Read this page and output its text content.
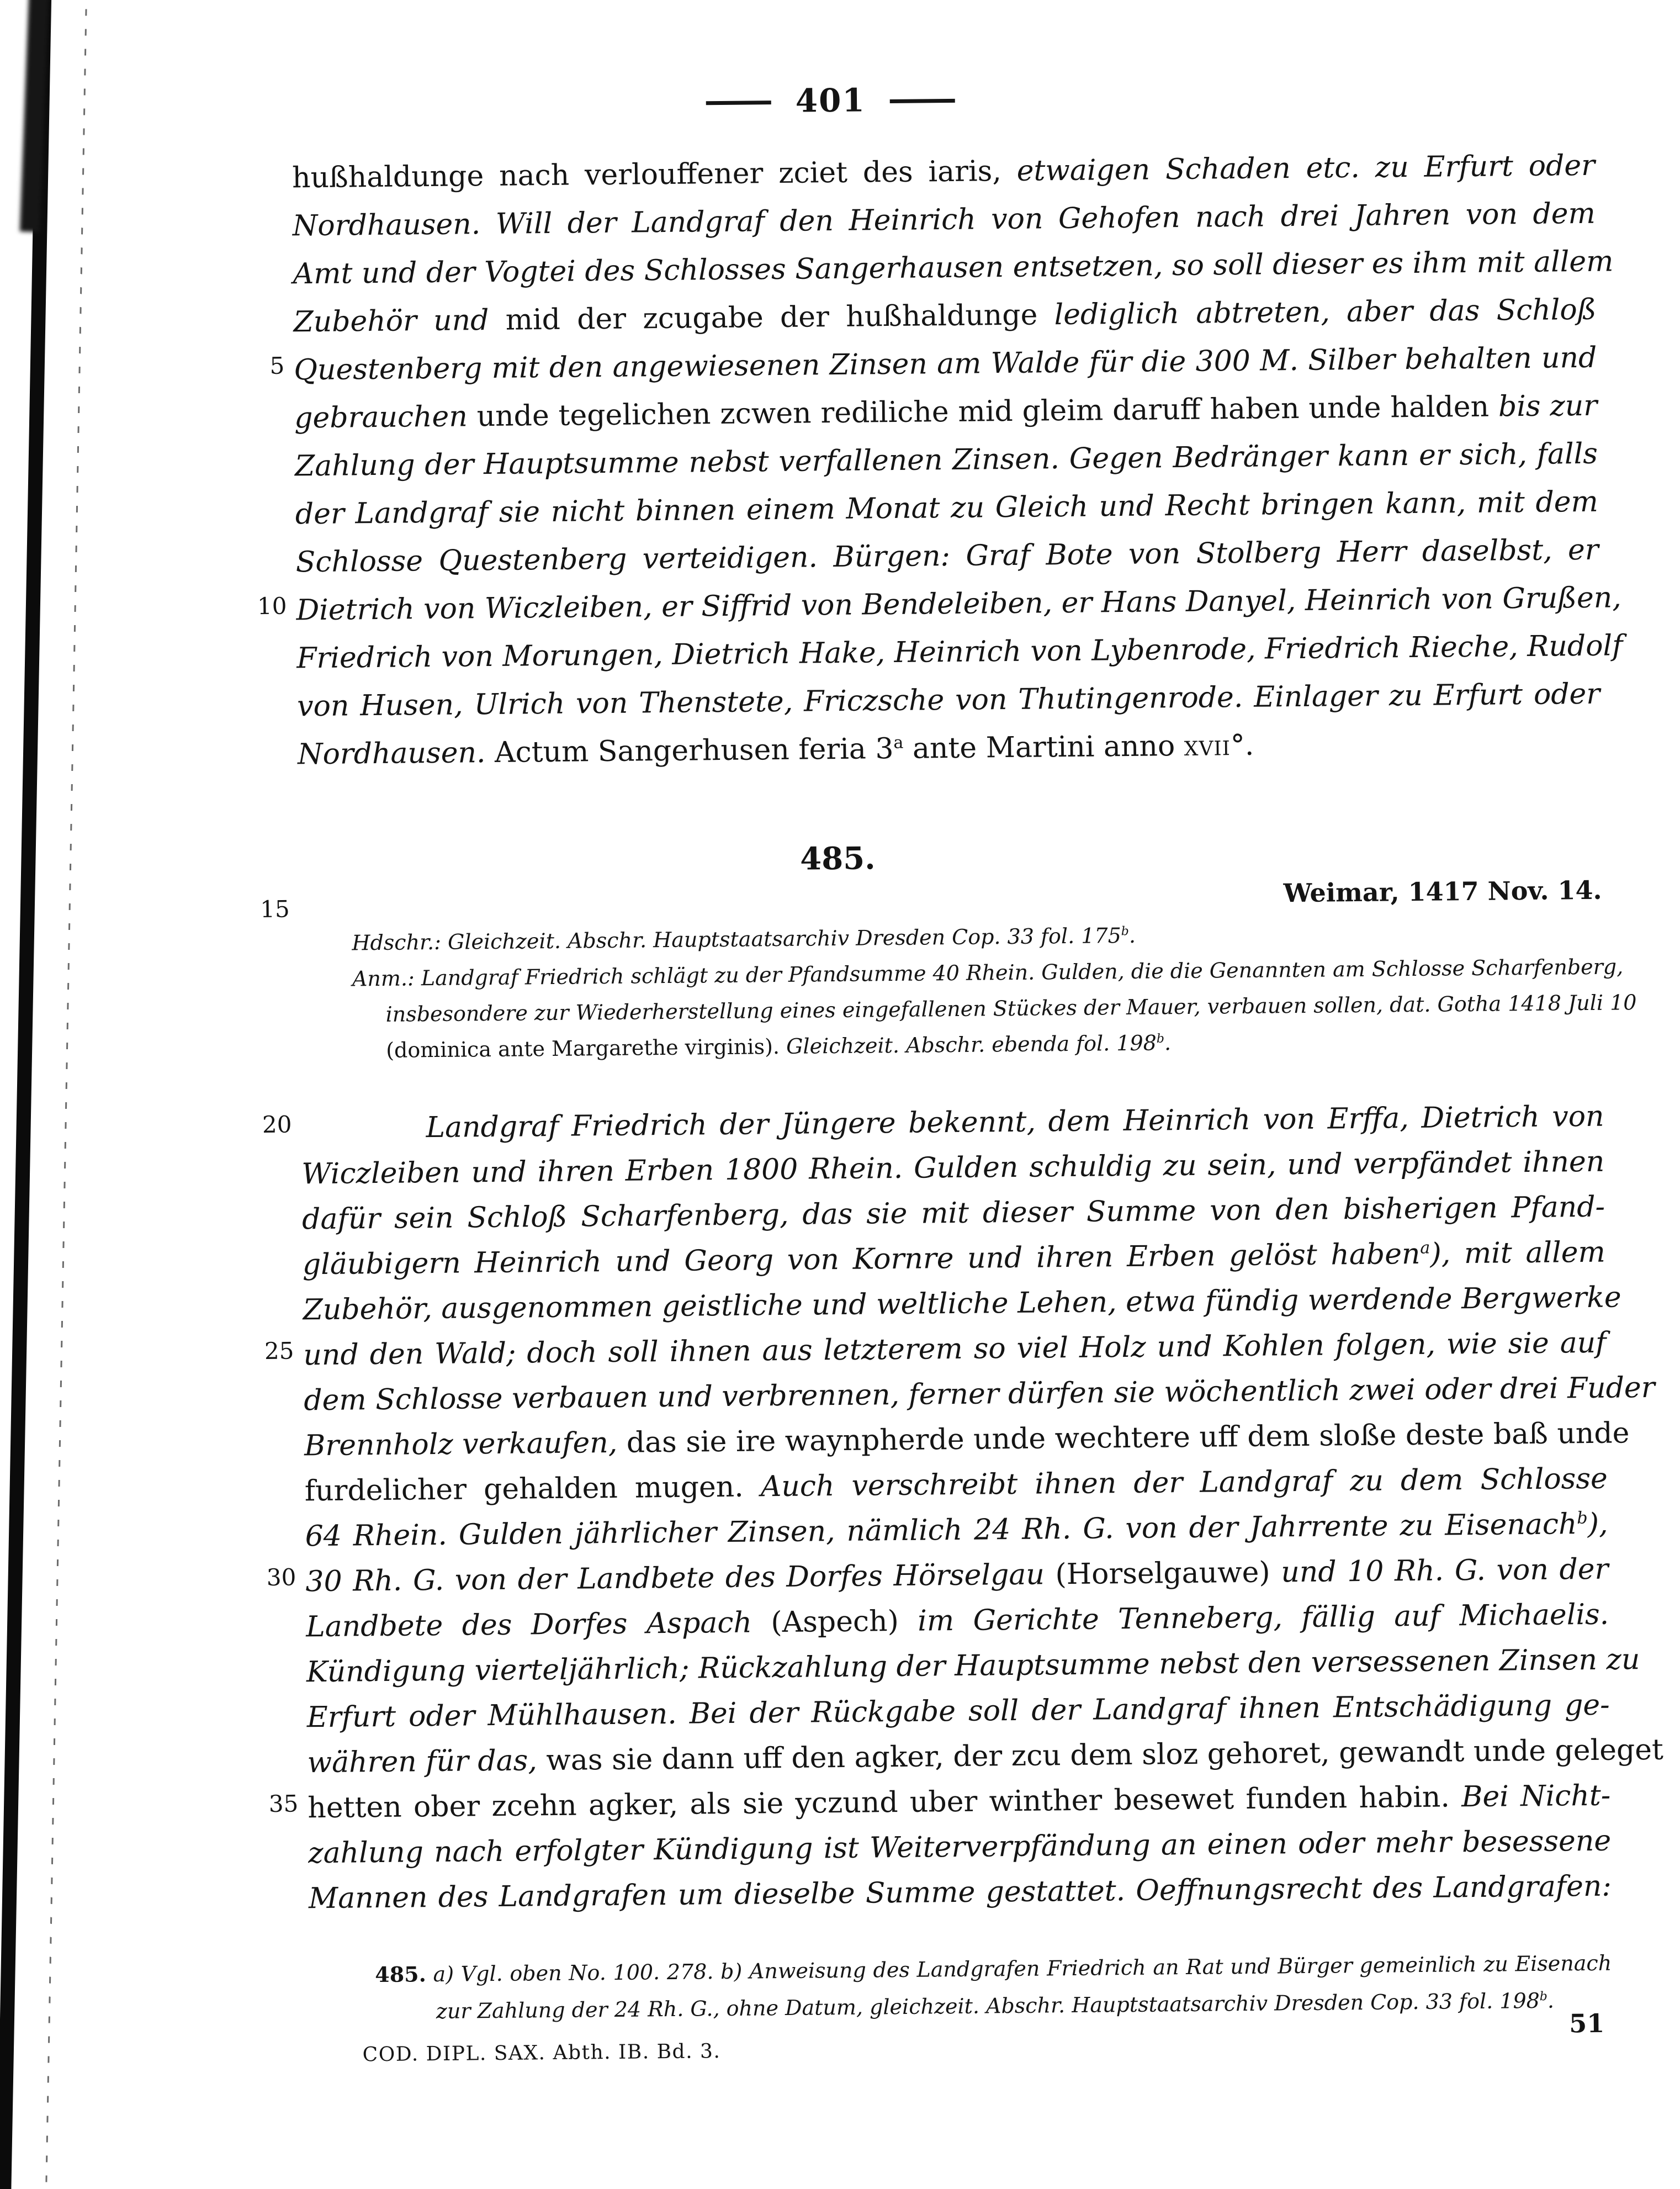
401
hußhaldunge nach verlouffener zciet des iaris, etwaigen Schaden etc. zu Erfurt oder
Nordhausen. Will der Landgraf den Heinrich von Gehofen nach drei Jahren von dem
Amt und der Vogtei des Schlosses Sangerhausen entsetzen, so soll dieser es ihm mit allem
Zubehör und mid der zcugabe der hußhaldunge lediglich abtreten, aber das Schloß
Questenberg mit den angewiesenen Zinsen am Walde für die 300 M. Silber behalten und
gebrauchen unde tegelichen zcwen rediliche mid gleim daruff haben unde halden bis zur
Zahlung der Hauptsumme nebst verfallenen Zinsen. Gegen Bedränger kann er sich, falls
der Landgraf sie nicht binnen einem Monat zu Gleich und Recht bringen kann, mit dem
Schlosse Questenberg verteidigen. Bürgen: Graf Bote von Stolberg Herr daselbst, er
Dietrich von Wiczleiben, er Siffrid von Bendeleiben, er Hans Danyel, Heinrich von Grußen,
Friedrich von Morungen, Dietrich Hake, Heinrich von Lybenrode, Friedrich Rieche, Rudolf
von Husen, Ulrich von Thenstete, Friczsche von Thutingenrode. Einlager zu Erfurt oder
Nordhausen. Actum Sangerhusen feria 3$^a$ ante Martini anno xvii°.
5
10
15
20
25
30
35
485.
Weimar, 1417 Nov. 14.
Hdschr.: Gleichzeit. Abschr. Hauptstaatsarchiv Dresden Cop. 33 fol. 175$^b$.
Anm.: Landgraf Friedrich schlägt zu der Pfandsumme 40 Rhein. Gulden, die die Genannten am Schlosse Scharfenberg,
insbesondere zur Wiederherstellung eines eingefallenen Stückes der Mauer, verbauen sollen, dat. Gotha 1418 Juli 10
(dominica ante Margarethe virginis). Gleichzeit. Abschr. ebenda fol. 198$^b$.
Landgraf Friedrich der Jüngere bekennt, dem Heinrich von Erffa, Dietrich von
Wiczleiben und ihren Erben 1800 Rhein. Gulden schuldig zu sein, und verpfändet ihnen
dafür sein Schloß Scharfenberg, das sie mit dieser Summe von den bisherigen Pfand-
gläubigern Heinrich und Georg von Kornre und ihren Erben gelöst haben$^a$), mit allem
Zubehör, ausgenommen geistliche und weltliche Lehen, etwa fündig werdende Bergwerke
und den Wald; doch soll ihnen aus letzterem so viel Holz und Kohlen folgen, wie sie auf
dem Schlosse verbauen und verbrennen, ferner dürfen sie wöchentlich zwei oder drei Fuder
Brennholz verkaufen, das sie ire waynpherde unde wechtere uff dem sloße deste baß unde
furdelicher gehalden mugen. Auch verschreibt ihnen der Landgraf zu dem Schlosse
64 Rhein. Gulden jährlicher Zinsen, nämlich 24 Rh. G. von der Jahrrente zu Eisenach$^b$),
30 Rh. G. von der Landbete des Dorfes Hörselgau (Horselgauwe) und 10 Rh. G. von der
Landbete des Dorfes Aspach (Aspech) im Gerichte Tenneberg, fällig auf Michaelis.
Kündigung vierteljährlich; Rückzahlung der Hauptsumme nebst den versessenen Zinsen zu
Erfurt oder Mühlhausen. Bei der Rückgabe soll der Landgraf ihnen Entschädigung ge-
währen für das, was sie dann uff den agker, der zcu dem sloz gehoret, gewandt unde geleget
hetten ober zcehn agker, als sie yczund uber winther besewet funden habin. Bei Nicht-
zahlung nach erfolgter Kündigung ist Weiterverpfändung an einen oder mehr besessene
Mannen des Landgrafen um dieselbe Summe gestattet. Oeffnungsrecht des Landgrafen:
485. a) Vgl. oben No. 100. 278. b) Anweisung des Landgrafen Friedrich an Rat und Bürger gemeinlich zu Eisenach
zur Zahlung der 24 Rh. G., ohne Datum, gleichzeit. Abschr. Hauptstaatsarchiv Dresden Cop. 33 fol. 198$^b$.
COD. DIPL. SAX. Abth. IB. Bd. 3.
51
